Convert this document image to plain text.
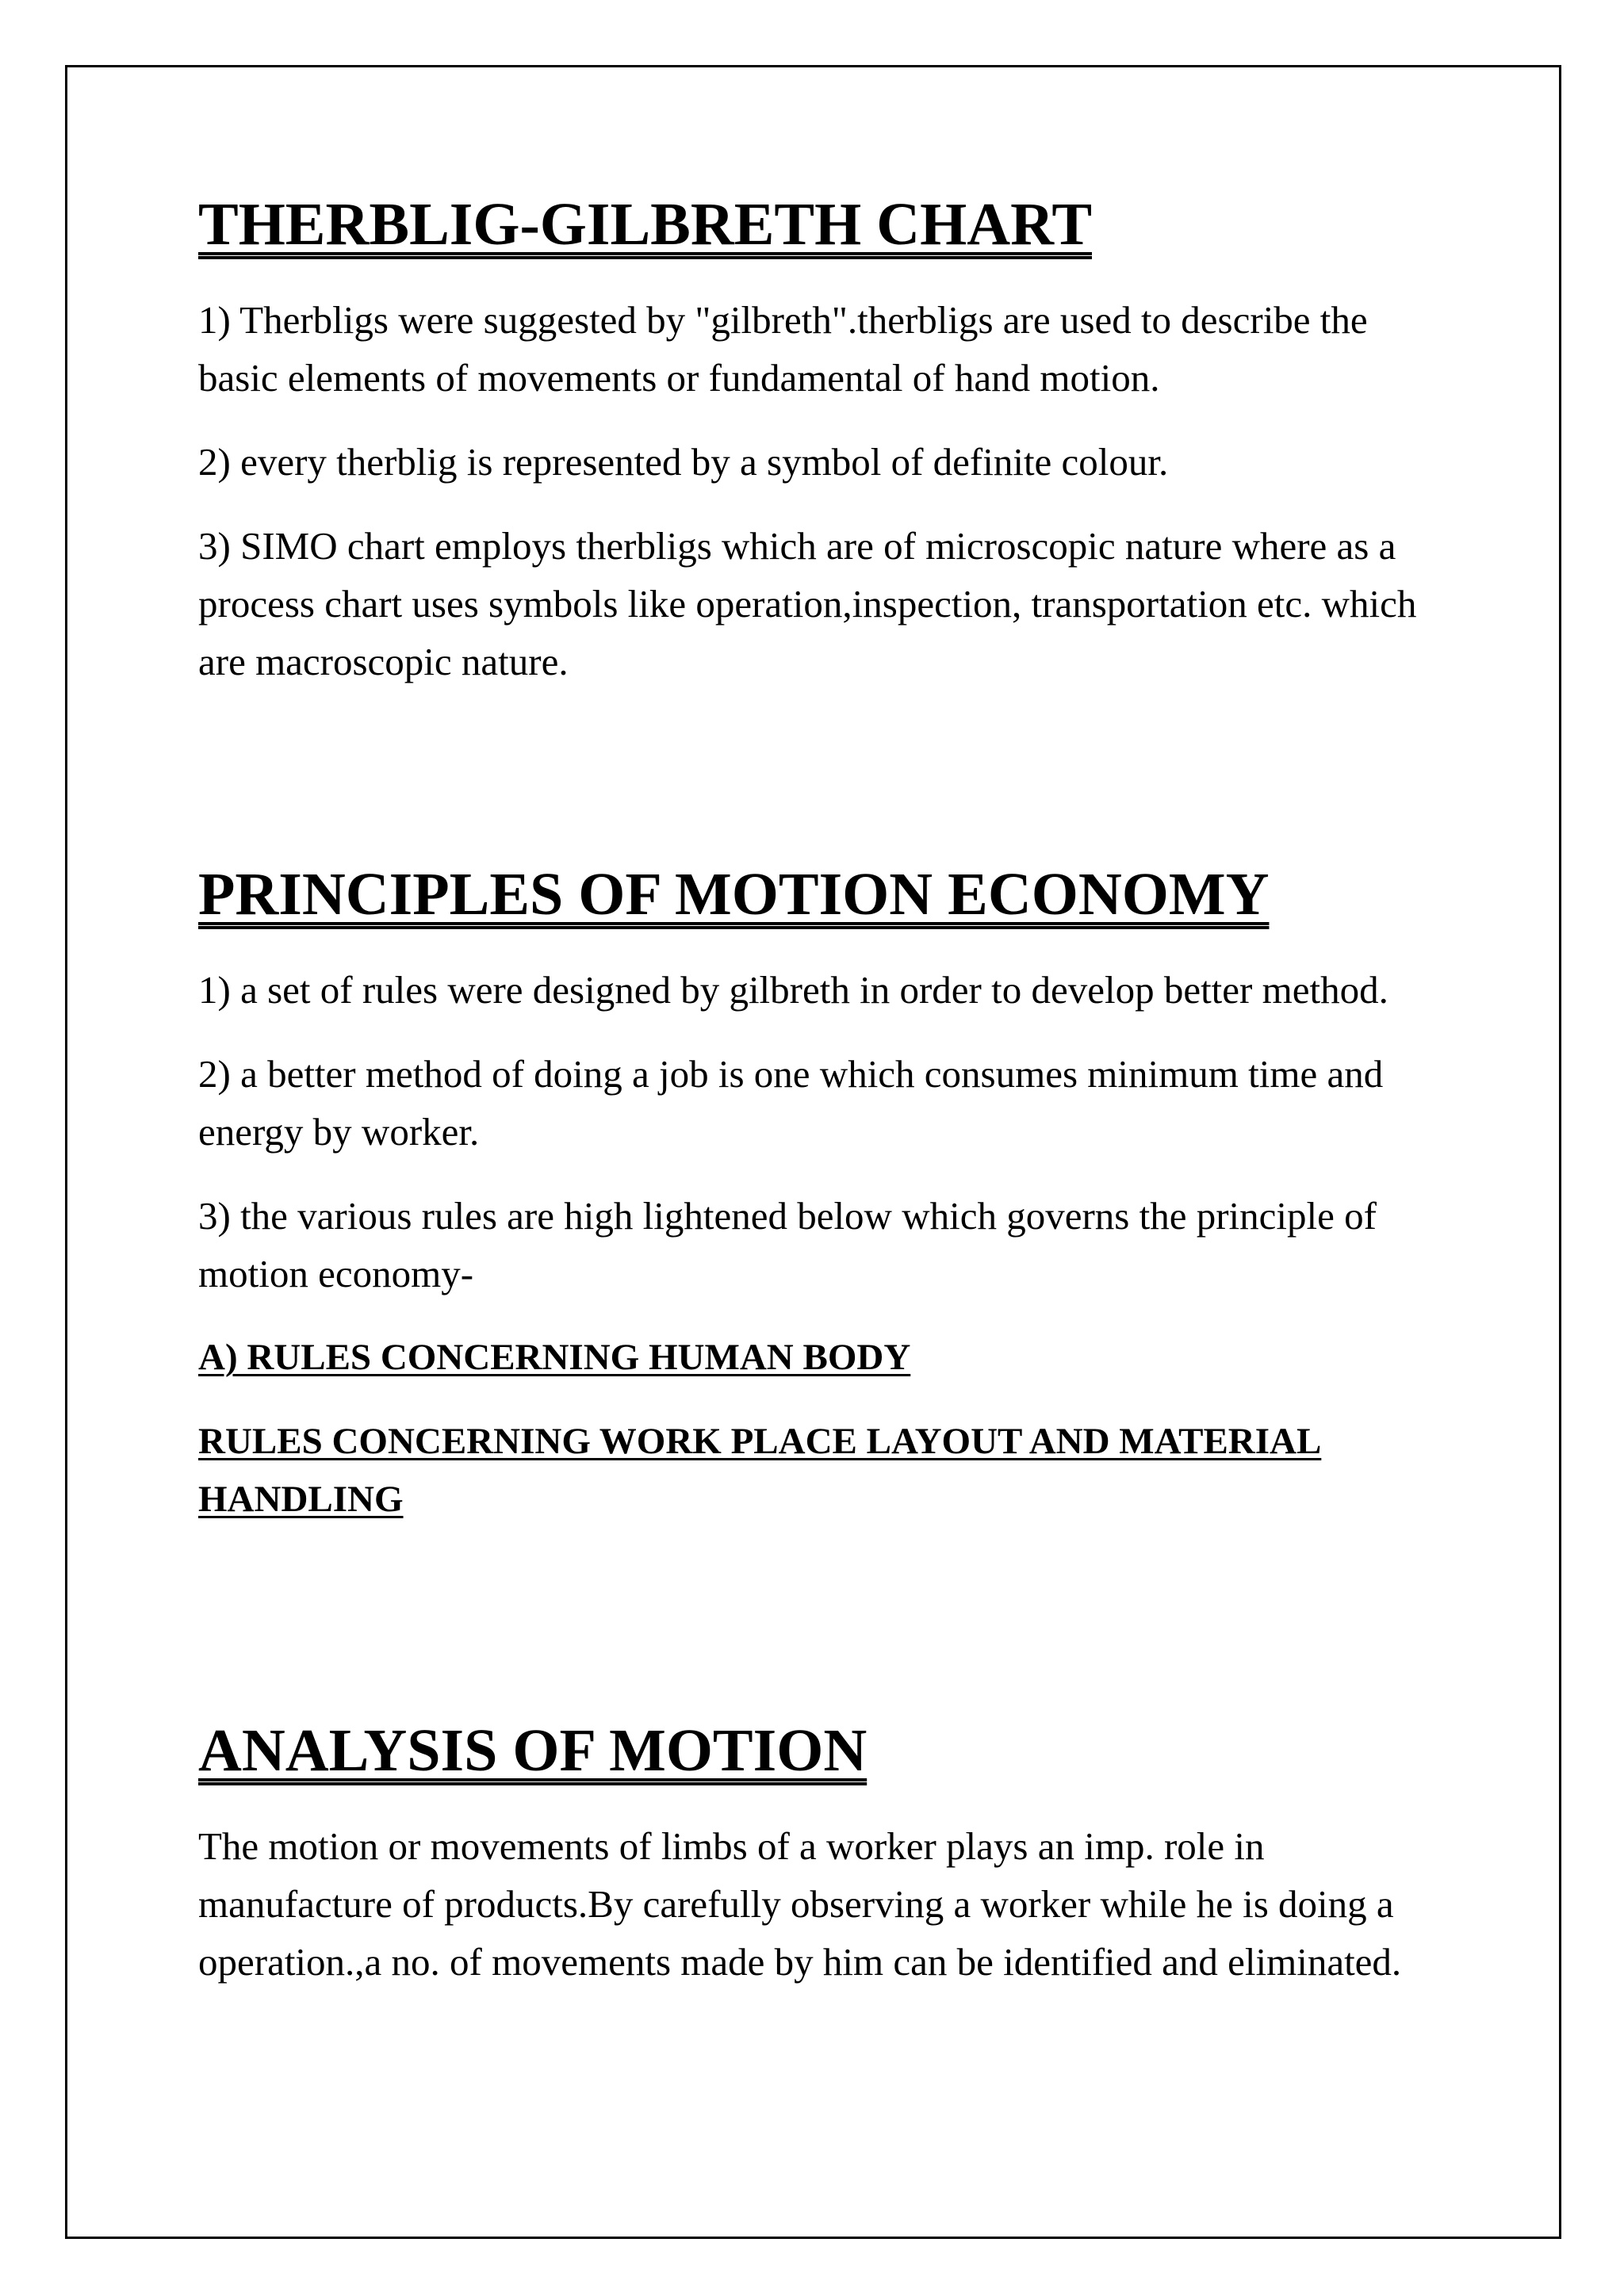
THERBLIG-GILBRETH CHART

1) Therbligs were suggested by "gilbreth".therbligs are used to describe the basic elements of movements or fundamental of hand motion.

2) every therblig is represented by a symbol of definite colour.

3) SIMO chart employs therbligs which are of microscopic nature where as a process chart uses symbols like operation,inspection, transportation etc. which are macroscopic nature.

PRINCIPLES OF MOTION ECONOMY

1) a set of rules were designed by gilbreth in order to develop better method.

2) a better method of doing a job is one which consumes minimum time and energy by worker.

3) the various rules are high lightened below which governs the principle of motion economy-

A) RULES CONCERNING HUMAN BODY
RULES CONCERNING WORK PLACE LAYOUT AND MATERIAL HANDLING
ANALYSIS OF MOTION

The motion or movements of limbs of a worker plays an imp. role in manufacture of products.By carefully observing a worker while he is doing a operation.,a no. of movements made by him can be identified and eliminated.
